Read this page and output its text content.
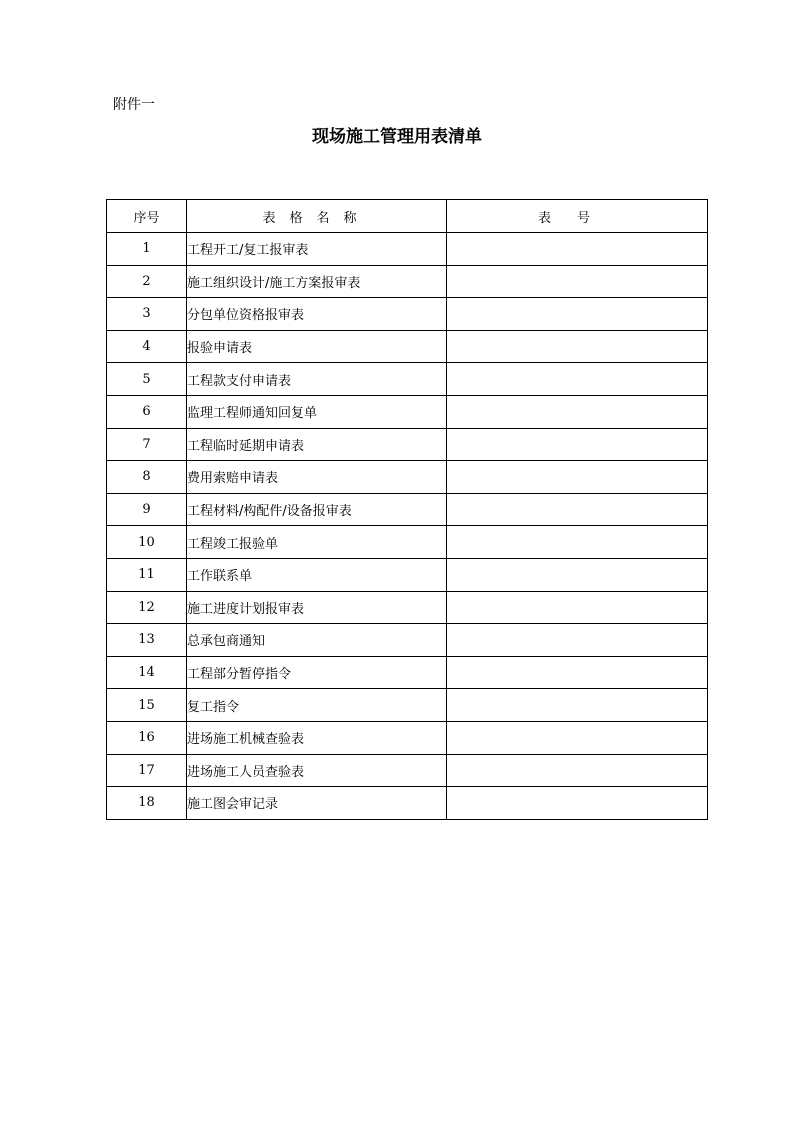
附件一
现场施工管理用表清单
序号	表格名称	表号
1	工程开工/复工报审表	
2	施工组织设计/施工方案报审表	
3	分包单位资格报审表	
4	报验申请表	
5	工程款支付申请表	
6	监理工程师通知回复单	
7	工程临时延期申请表	
8	费用索赔申请表	
9	工程材料/构配件/设备报审表	
10	工程竣工报验单	
11	工作联系单	
12	施工进度计划报审表	
13	总承包商通知	
14	工程部分暂停指令	
15	复工指令	
16	进场施工机械查验表	
17	进场施工人员查验表	
18	施工图会审记录	
